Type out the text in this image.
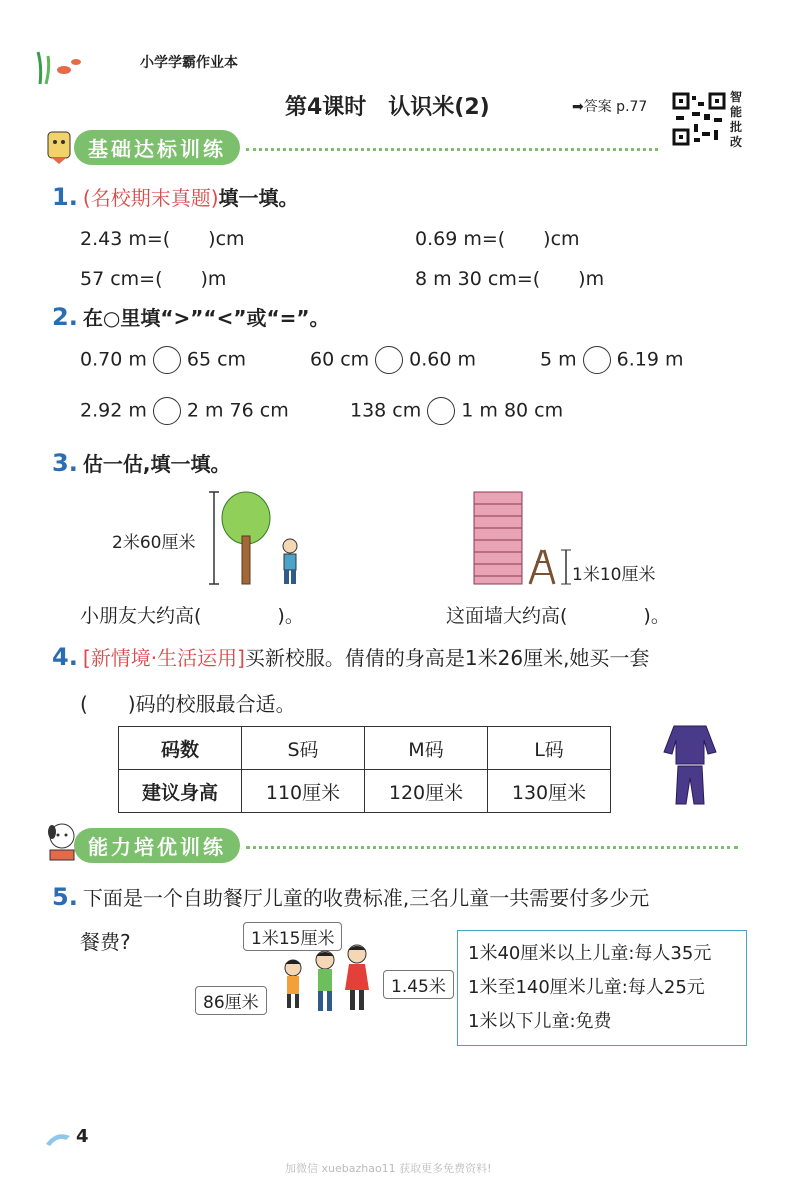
小学学霸作业本
第4课时　认识米(2)	➡答案 p.77
智
能
批
改
基础达标训练
1. (名校期末真题)填一填。
2.43 m=(　　)cm	0.69 m=(　　)cm
57 cm=(　　)m	8 m 30 cm=(　　)m
2. 在○里填“>”“<”或“=”。
0.70 m 65 cm	60 cm 0.60 m	5 m 6.19 m
2.92 m 2 m 76 cm	138 cm 1 m 80 cm
3. 估一估,填一填。
2米60厘米
1米10厘米
小朋友大约高(　　　　)。	这面墙大约高(　　　　)。
4. [新情境·生活运用]买新校服。倩倩的身高是1米26厘米,她买一套
(　　)码的校服最合适。
码数	S码	M码	L码
建议身高	110厘米	120厘米	130厘米
能力培优训练
5. 下面是一个自助餐厅儿童的收费标准,三名儿童一共需要付多少元
餐费?	1米15厘米
86厘米
1.45米
1米40厘米以上儿童:每人35元
1米至140厘米儿童:每人25元
1米以下儿童:免费
4
加微信 xuebazhao11 获取更多免费资料!
